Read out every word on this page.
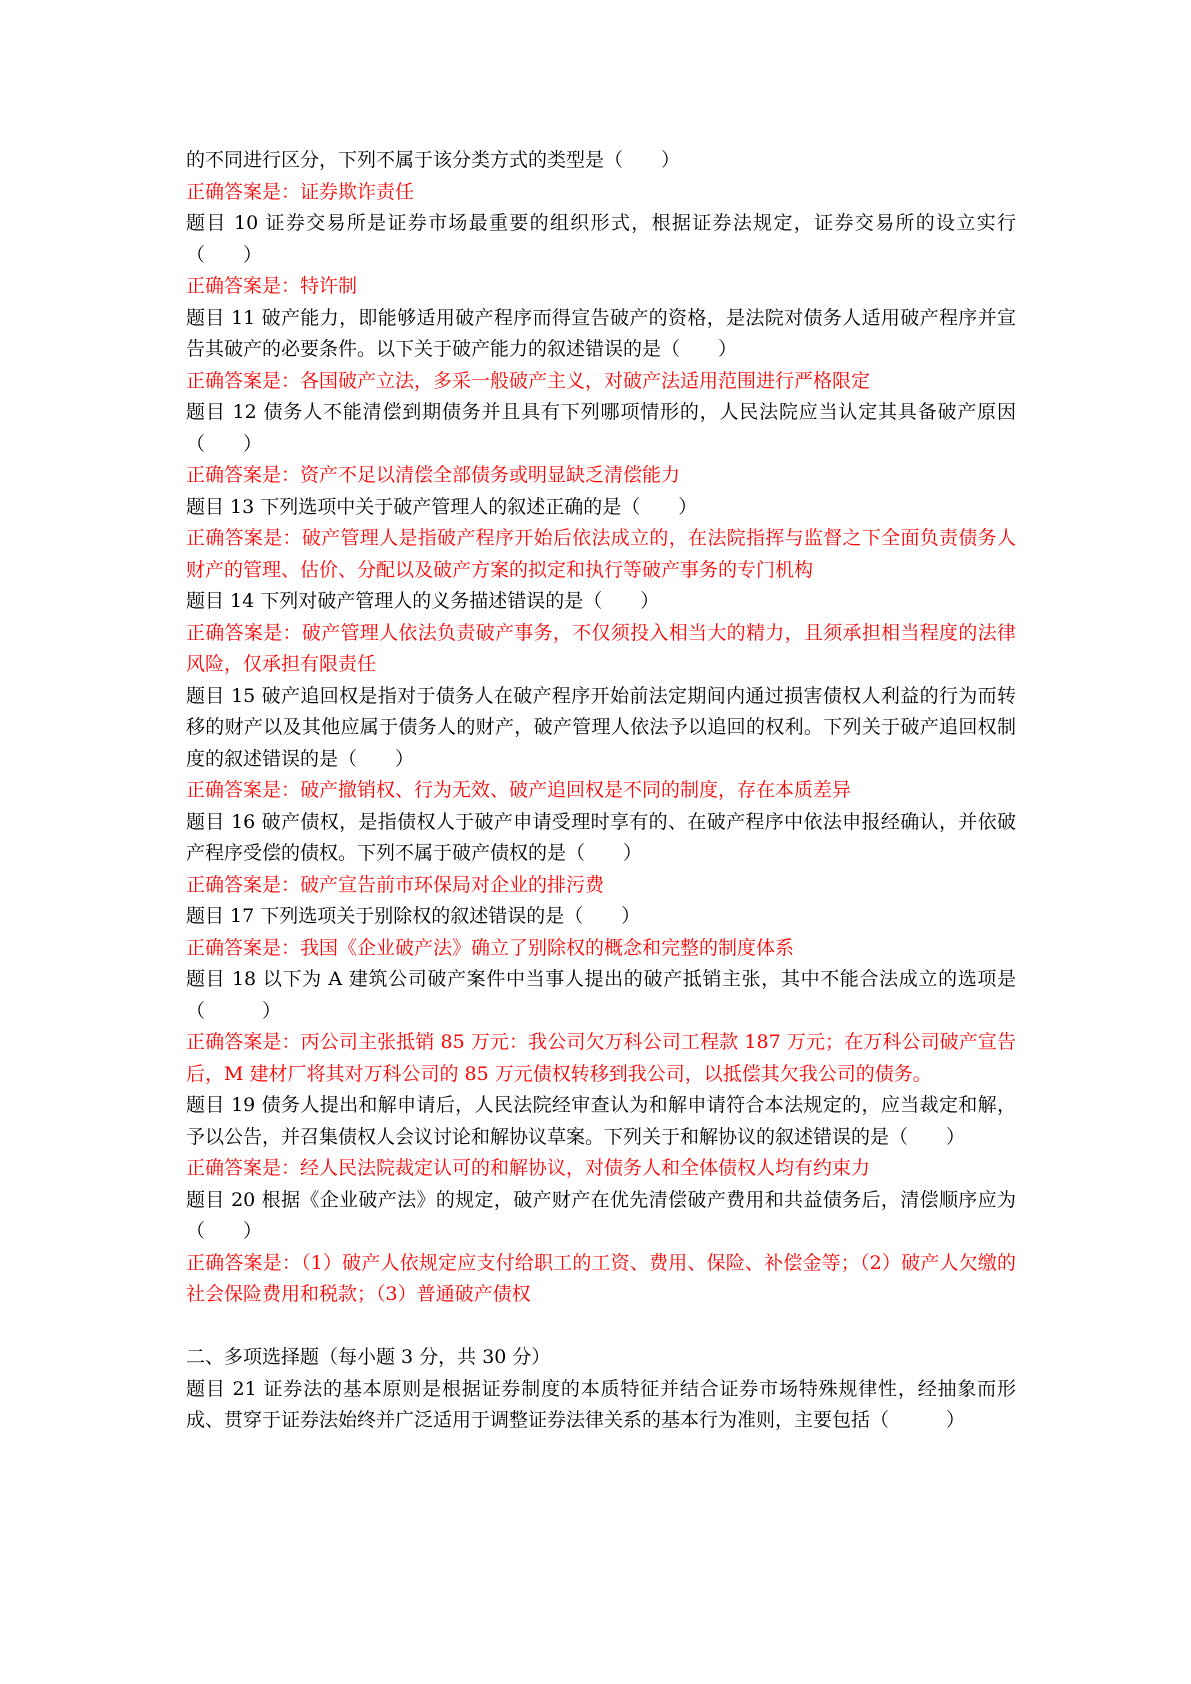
的不同进行区分，下列不属于该分类方式的类型是（　　）

正确答案是：证券欺诈责任

题目 10 证券交易所是证券市场最重要的组织形式，根据证券法规定，证券交易所的设立实行（　　）

正确答案是：特许制

题目 11 破产能力，即能够适用破产程序而得宣告破产的资格，是法院对债务人适用破产程序并宣告其破产的必要条件。以下关于破产能力的叙述错误的是（　　）

正确答案是：各国破产立法，多采一般破产主义，对破产法适用范围进行严格限定

题目 12 债务人不能清偿到期债务并且具有下列哪项情形的，人民法院应当认定其具备破产原因（　　）

正确答案是：资产不足以清偿全部债务或明显缺乏清偿能力

题目 13 下列选项中关于破产管理人的叙述正确的是（　　）

正确答案是：破产管理人是指破产程序开始后依法成立的，在法院指挥与监督之下全面负责债务人财产的管理、估价、分配以及破产方案的拟定和执行等破产事务的专门机构

题目 14 下列对破产管理人的义务描述错误的是（　　）

正确答案是：破产管理人依法负责破产事务，不仅须投入相当大的精力，且须承担相当程度的法律风险，仅承担有限责任

题目 15 破产追回权是指对于债务人在破产程序开始前法定期间内通过损害债权人利益的行为而转移的财产以及其他应属于债务人的财产，破产管理人依法予以追回的权利。下列关于破产追回权制度的叙述错误的是（　　）

正确答案是：破产撤销权、行为无效、破产追回权是不同的制度，存在本质差异

题目 16 破产债权，是指债权人于破产申请受理时享有的、在破产程序中依法申报经确认，并依破产程序受偿的债权。下列不属于破产债权的是（　　）

正确答案是：破产宣告前市环保局对企业的排污费

题目 17 下列选项关于别除权的叙述错误的是（　　）

正确答案是：我国《企业破产法》确立了别除权的概念和完整的制度体系

题目 18 以下为 A 建筑公司破产案件中当事人提出的破产抵销主张，其中不能合法成立的选项是（　　　）

正确答案是：丙公司主张抵销 85 万元：我公司欠万科公司工程款 187 万元；在万科公司破产宣告后，M 建材厂将其对万科公司的 85 万元债权转移到我公司，以抵偿其欠我公司的债务。

题目 19 债务人提出和解申请后，人民法院经审查认为和解申请符合本法规定的，应当裁定和解，予以公告，并召集债权人会议讨论和解协议草案。下列关于和解协议的叙述错误的是（　　）

正确答案是：经人民法院裁定认可的和解协议，对债务人和全体债权人均有约束力

题目 20 根据《企业破产法》的规定，破产财产在优先清偿破产费用和共益债务后，清偿顺序应为（　　）

正确答案是：（1）破产人依规定应支付给职工的工资、费用、保险、补偿金等；（2）破产人欠缴的社会保险费用和税款；（3）普通破产债权

二、多项选择题（每小题 3 分，共 30 分）

题目 21 证券法的基本原则是根据证券制度的本质特征并结合证券市场特殊规律性，经抽象而形成、贯穿于证券法始终并广泛适用于调整证券法律关系的基本行为准则，主要包括（　　　）
